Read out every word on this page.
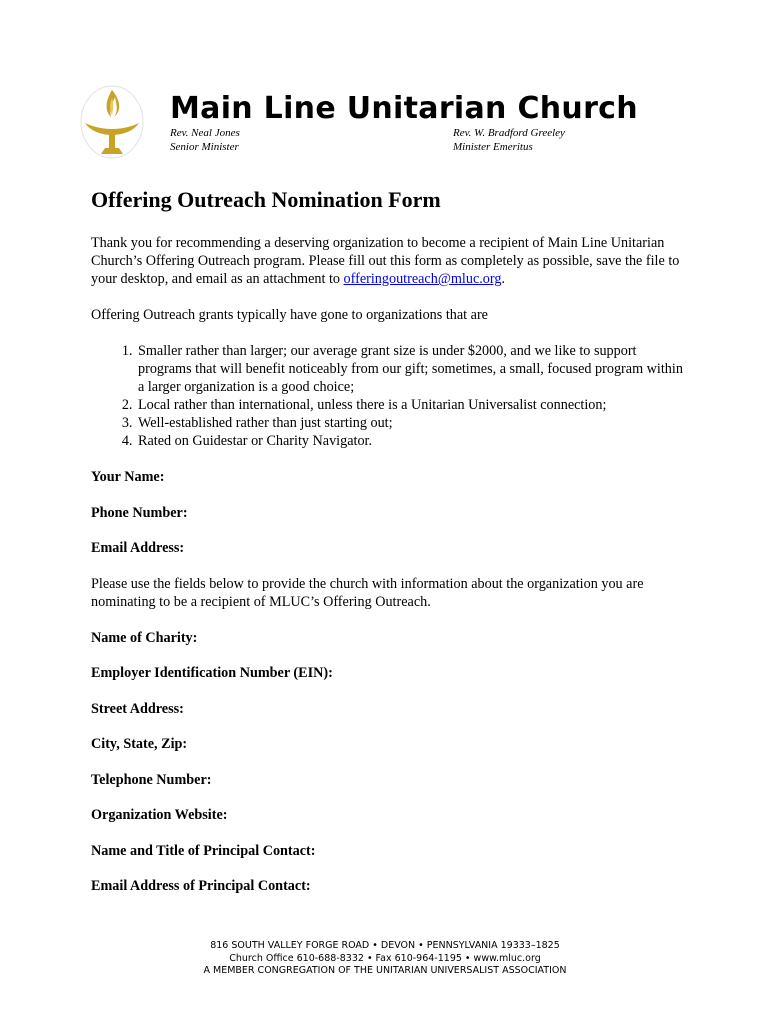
Main Line Unitarian Church
Rev. Neal Jones
Senior Minister
Rev. W. Bradford Greeley
Minister Emeritus
Offering Outreach Nomination Form

Thank you for recommending a deserving organization to become a recipient of Main Line Unitarian Church’s Offering Outreach program. Please fill out this form as completely as possible, save the file to your desktop, and email as an attachment to offeringoutreach@mluc.org.

Offering Outreach grants typically have gone to organizations that are

1. Smaller rather than larger; our average grant size is under $2000, and we like to support programs that will benefit noticeably from our gift; sometimes, a small, focused program within a larger organization is a good choice;
2. Local rather than international, unless there is a Unitarian Universalist connection;
3. Well-established rather than just starting out;
4. Rated on Guidestar or Charity Navigator.
Your Name:
Phone Number:
Email Address:

Please use the fields below to provide the church with information about the organization you are nominating to be a recipient of MLUC’s Offering Outreach.

Name of Charity:
Employer Identification Number (EIN):
Street Address:
City, State, Zip:
Telephone Number:
Organization Website:
Name and Title of Principal Contact:
Email Address of Principal Contact:
816 SOUTH VALLEY FORGE ROAD • DEVON • PENNSYLVANIA 19333–1825
Church Office 610-688-8332 • Fax 610-964-1195 • www.mluc.org
A MEMBER CONGREGATION OF THE UNITARIAN UNIVERSALIST ASSOCIATION
